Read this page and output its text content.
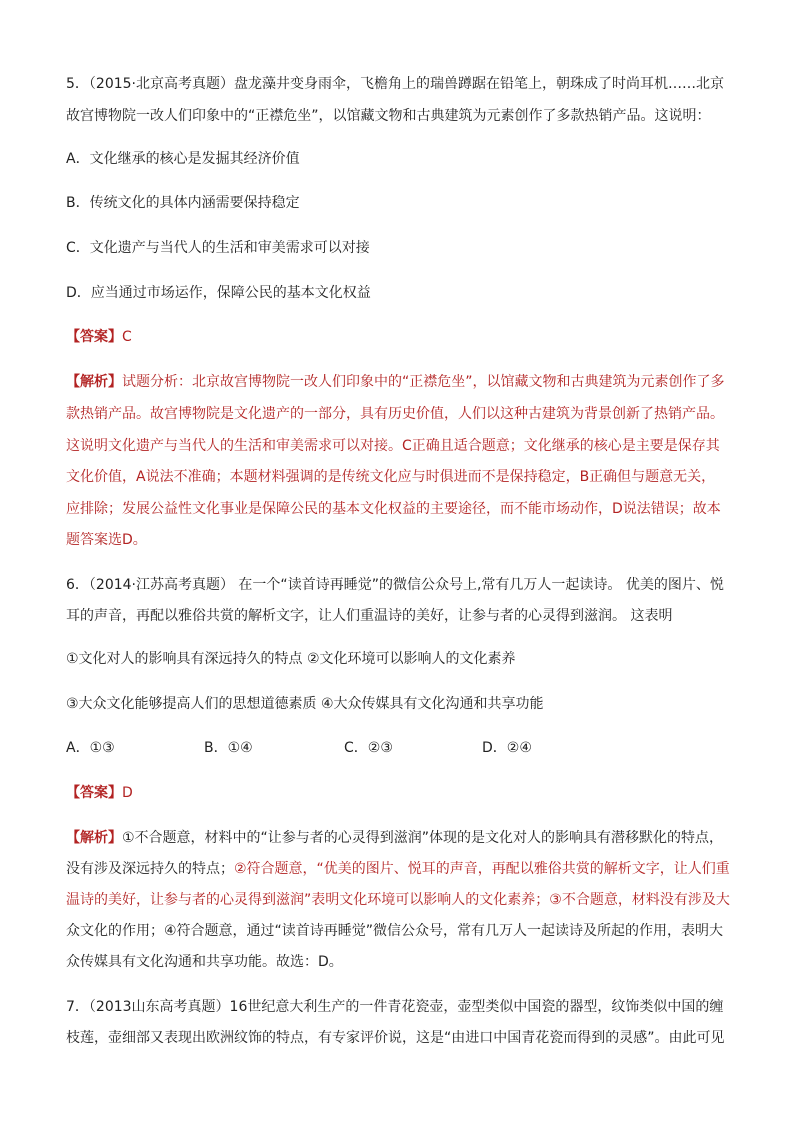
5．（2015·北京高考真题）盘龙藻井变身雨伞，飞檐角上的瑞兽蹲踞在铅笔上，朝珠成了时尚耳机……北京
故宫博物院一改人们印象中的“正襟危坐”，以馆藏文物和古典建筑为元素创作了多款热销产品。这说明：
A．文化继承的核心是发掘其经济价值
B．传统文化的具体内涵需要保持稳定
C．文化遗产与当代人的生活和审美需求可以对接
D．应当通过市场运作，保障公民的基本文化权益
【答案】C
【解析】试题分析：北京故宫博物院一改人们印象中的“正襟危坐”，以馆藏文物和古典建筑为元素创作了多
款热销产品。故宫博物院是文化遗产的一部分，具有历史价值，人们以这种古建筑为背景创新了热销产品。
这说明文化遗产与当代人的生活和审美需求可以对接。C正确且适合题意；文化继承的核心是主要是保存其
文化价值，A说法不准确；本题材料强调的是传统文化应与时俱进而不是保持稳定，B正确但与题意无关，
应排除；发展公益性文化事业是保障公民的基本文化权益的主要途径，而不能市场动作，D说法错误；故本
题答案选D。
6．（2014·江苏高考真题） 在一个“读首诗再睡觉”的微信公众号上,常有几万人一起读诗。 优美的图片、悦
耳的声音，再配以雅俗共赏的解析文字，让人们重温诗的美好，让参与者的心灵得到滋润。 这表明
①文化对人的影响具有深远持久的特点 ②文化环境可以影响人的文化素养
③大众文化能够提高人们的思想道德素质 ④大众传媒具有文化沟通和共享功能
A．①③	B．①④	C．②③	D．②④
【答案】D
【解析】①不合题意，材料中的“让参与者的心灵得到滋润”体现的是文化对人的影响具有潜移默化的特点，
没有涉及深远持久的特点；②符合题意，“优美的图片、悦耳的声音，再配以雅俗共赏的解析文字，让人们重
温诗的美好，让参与者的心灵得到滋润”表明文化环境可以影响人的文化素养；③不合题意，材料没有涉及大
众文化的作用；④符合题意，通过“读首诗再睡觉”微信公众号，常有几万人一起读诗及所起的作用，表明大
众传媒具有文化沟通和共享功能。故选：D。
7．（2013山东高考真题）16世纪意大利生产的一件青花瓷壶，壶型类似中国瓷的器型，纹饰类似中国的缠
枝莲，壶细部又表现出欧洲纹饰的特点，有专家评价说，这是“由进口中国青花瓷而得到的灵感”。由此可见
